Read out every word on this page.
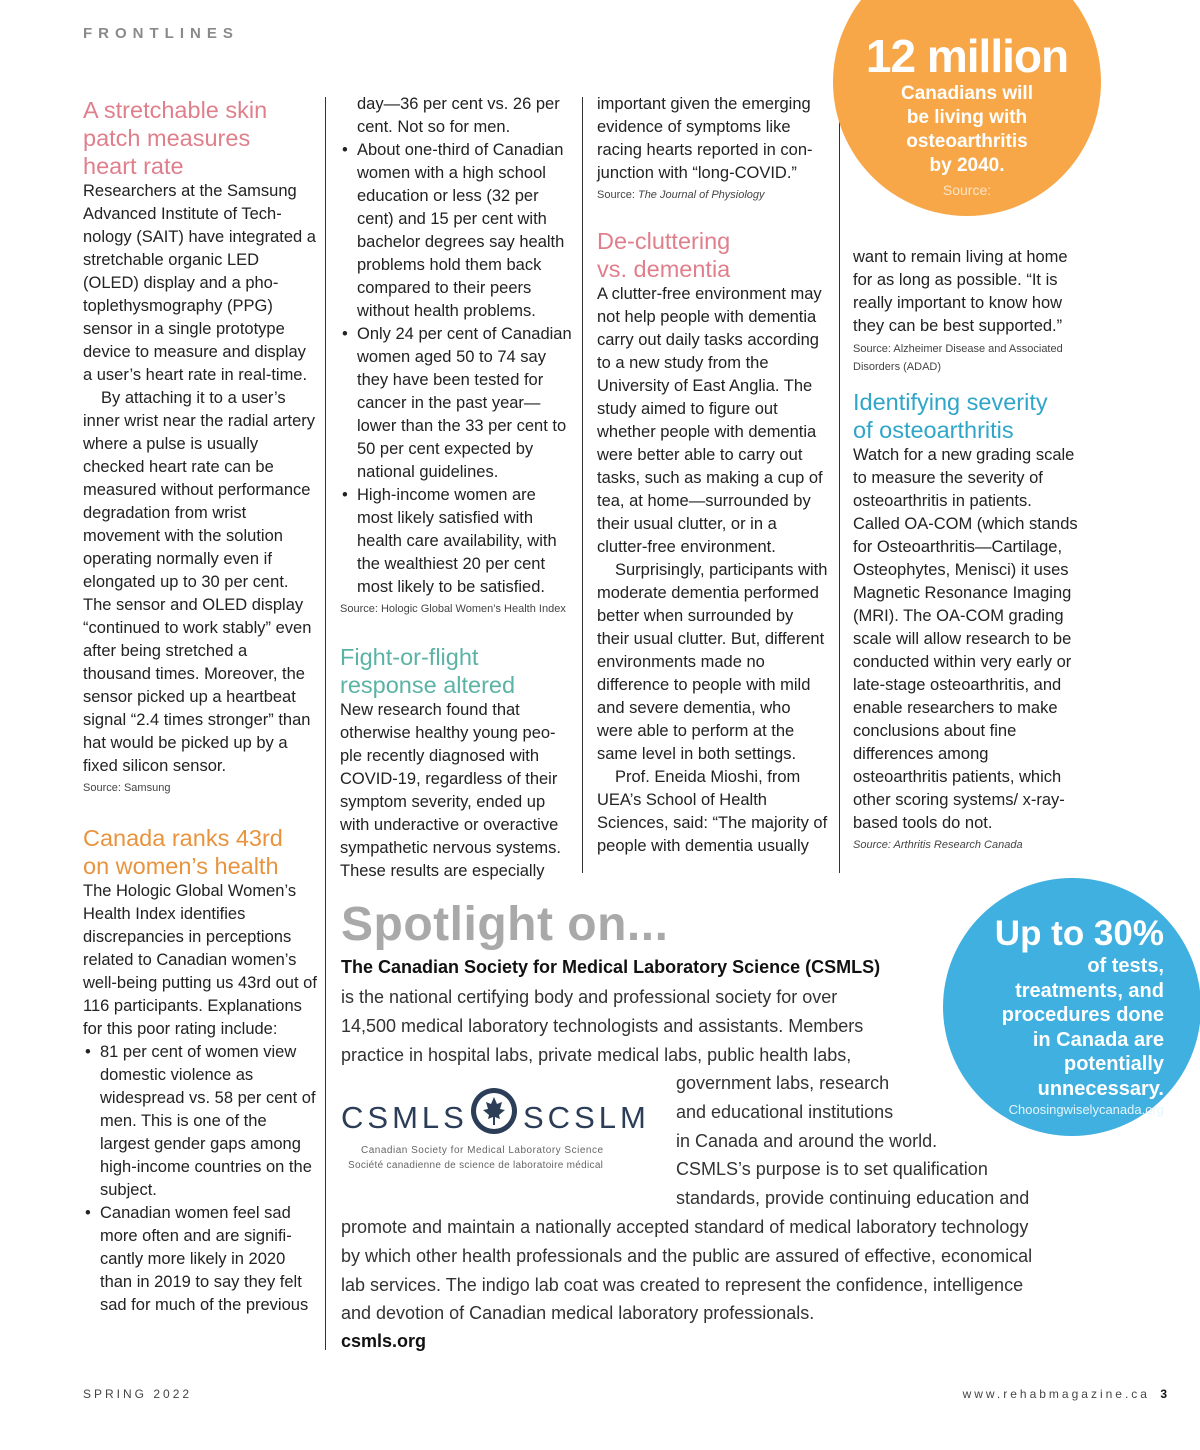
FRONTLINES
A stretchable skin
patch measures
heart rate

Researchers at the Samsung Advanced Institute of Tech-nology (SAIT) have integrated a stretchable organic LED (OLED) display and a pho-toplethysmography (PPG) sensor in a single prototype device to measure and display a user’s heart rate in real-time.

By attaching it to a user’s inner wrist near the radial artery where a pulse is usually checked heart rate can be measured without performance degradation from wrist movement with the solution operating normally even if elongated up to 30 per cent. The sensor and OLED display “continued to work stably” even after being stretched a thousand times. Moreover, the sensor picked up a heartbeat signal “2.4 times stronger” than hat would be picked up by a fixed silicon sensor.

Source: Samsung
Canada ranks 43rd
on women’s health

The Hologic Global Women’s Health Index identifies discrepancies in perceptions related to Canadian women’s well-being putting us 43rd out of 116 participants. Explanations for this poor rating include:

• 81 per cent of women view domestic violence as widespread vs. 58 per cent of men. This is one of the largest gender gaps among high-income countries on the subject.
• Canadian women feel sad more often and are signifi-cantly more likely in 2020 than in 2019 to say they felt sad for much of the previous

day—36 per cent vs. 26 per cent. Not so for men.

• About one-third of Canadian women with a high school education or less (32 per cent) and 15 per cent with bachelor degrees say health problems hold them back compared to their peers without health problems.
• Only 24 per cent of Canadian women aged 50 to 74 say they have been tested for cancer in the past year—lower than the 33 per cent to 50 per cent expected by national guidelines.
• High-income women are most likely satisfied with health care availability, with the wealthiest 20 per cent most likely to be satisfied.
Source: Hologic Global Women’s Health Index
Fight-or-flight
response altered

New research found that otherwise healthy young peo-ple recently diagnosed with COVID-19, regardless of their symptom severity, ended up with underactive or overactive sympathetic nervous systems. These results are especially

important given the emerging evidence of symptoms like racing hearts reported in con-junction with “long-COVID.”

Source: The Journal of Physiology
De-cluttering
vs. dementia

A clutter-free environment may not help people with dementia carry out daily tasks according to a new study from the University of East Anglia. The study aimed to figure out whether people with dementia were better able to carry out tasks, such as making a cup of tea, at home—surrounded by their usual clutter, or in a clutter-free environment.

Surprisingly, participants with moderate dementia performed better when surrounded by their usual clutter. But, different environments made no difference to people with mild and severe dementia, who were able to perform at the same level in both settings.

Prof. Eneida Mioshi, from UEA’s School of Health Sciences, said: “The majority of people with dementia usually

12 million
Canadians will
be living with
osteoarthritis
by 2040.
Source:

want to remain living at home for as long as possible. “It is really important to know how they can be best supported.”

Source: Alzheimer Disease and Associated Disorders (ADAD)
Identifying severity
of osteoarthritis

Watch for a new grading scale to measure the severity of osteoarthritis in patients. Called OA-COM (which stands for Osteoarthritis—Cartilage, Osteophytes, Menisci) it uses Magnetic Resonance Imaging (MRI). The OA-COM grading scale will allow research to be conducted within very early or late-stage osteoarthritis, and enable researchers to make conclusions about fine differences among osteoarthritis patients, which other scoring systems/ x-ray-based tools do not.

Source: Arthritis Research Canada
Spotlight on...
The Canadian Society for Medical Laboratory Science (CSMLS)
is the national certifying body and professional society for over
14,500 medical laboratory technologists and assistants. Members
practice in hospital labs, private medical labs, public health labs,
CSMLS SCSLM
Canadian Society for Medical Laboratory Science
Société canadienne de science de laboratoire médical
government labs, research
and educational institutions
in Canada and around the world.
CSMLS’s purpose is to set qualification
standards, provide continuing education and
promote and maintain a nationally accepted standard of medical laboratory technology
by which other health professionals and the public are assured of effective, economical
lab services. The indigo lab coat was created to represent the confidence, intelligence
and devotion of Canadian medical laboratory professionals.
csmls.org
Up to 30%
of tests,
treatments, and
procedures done
in Canada are
potentially
unnecessary.
Choosingwiselycanada.org
SPRING 2022	www.rehabmagazine.ca 3
